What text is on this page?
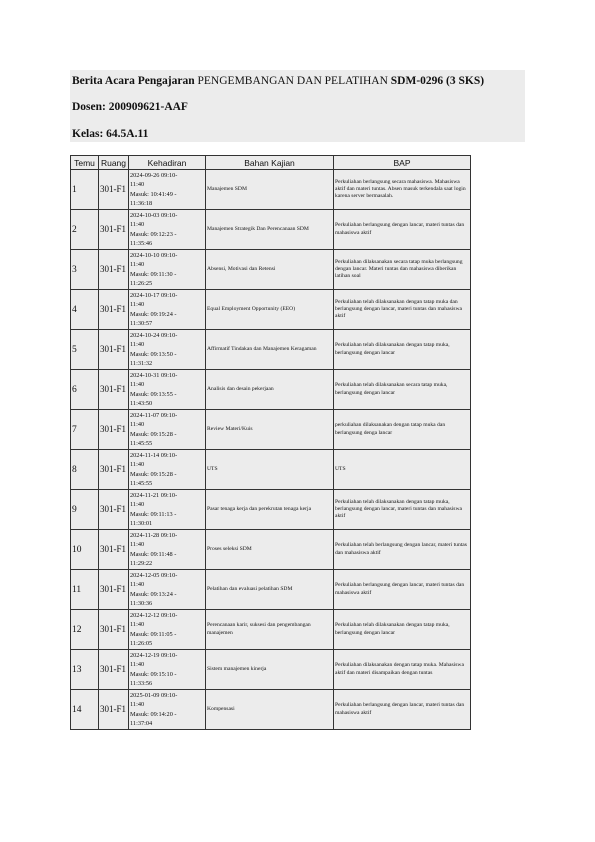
Berita Acara Pengajaran PENGEMBANGAN DAN PELATIHAN SDM-0296 (3 SKS)
Dosen: 200909621-AAF
Kelas: 64.5A.11
Temu	Ruang	Kehadiran	Bahan Kajian	BAP
1	301-F1	2024-09-26 09:10-
11:40
Masuk: 10:41:49 -
11:36:18	Manajemen SDM	Perkuliahan berlangsung secara mahasiswa. Mahasiswa aktif dan materi tuntas. Absen masuk terkendala saat login karena server bermasalah.
2	301-F1	2024-10-03 09:10-
11:40
Masuk: 09:12:23 -
11:35:46	Manajemen Strategik Dan Perencanaan SDM	Perkuliahan berlangsung dengan lancar, materi tuntas dan mahasiswa aktif
3	301-F1	2024-10-10 09:10-
11:40
Masuk: 09:11:30 -
11:26:25	Absensi, Motivasi dan Retensi	Perkuliahan dilaksanakan secara tatap muka berlangsung dengan lancar. Materi tuntas dan mahasiswa diberikan latihan soal
4	301-F1	2024-10-17 09:10-
11:40
Masuk: 09:19:24 -
11:30:57	Equal Employment Opportunity (EEO)	Perkuliahan telah dilaksanakan dengan tatap muka dan berlangsung dengan lancar, materi tuntas dan mahasiswa aktif
5	301-F1	2024-10-24 09:10-
11:40
Masuk: 09:13:50 -
11:31:32	Affirmatif Tindakan dan Manajemen Keragaman	Perkuliahan telah dilaksanakan dengan tatap muka, berlangsung dengan lancar
6	301-F1	2024-10-31 09:10-
11:40
Masuk: 09:13:55 -
11:43:50	Analisis dan desain pekerjaan	Perkuliahan telah dilaksanakan secara tatap muka, berlangsung dengan lancar
7	301-F1	2024-11-07 09:10-
11:40
Masuk: 09:15:28 -
11:45:55	Review Materi/Kuis	perkuliahan dilaksanakan dengan tatap muka dan berlangsung denga lancar
8	301-F1	2024-11-14 09:10-
11:40
Masuk: 09:15:28 -
11:45:55	UTS	UTS
9	301-F1	2024-11-21 09:10-
11:40
Masuk: 09:11:13 -
11:30:01	Pasar tenaga kerja dan perekrutan tenaga kerja	Perkuliahan telah dilaksanakan dengan tatap muka, berlangsung dengan lancar, materi tuntas dan mahasiswa aktif
10	301-F1	2024-11-28 09:10-
11:40
Masuk: 09:11:48 -
11:29:22	Proses seleksi SDM	Perkuliahan telah berlangsung dengan lancar, materi tuntas dan mahasiswa aktif
11	301-F1	2024-12-05 09:10-
11:40
Masuk: 09:13:24 -
11:30:36	Pelatihan dan evaluasi pelatihan SDM	Perkuliahan berlangsung dengan lancar, materi tuntas dan mahasiswa aktif
12	301-F1	2024-12-12 09:10-
11:40
Masuk: 09:11:05 -
11:26:05	Perencanaan karir, suksesi dan pengembangan manajemen	Perkuliahan telah dilaksanakan dengan tatap muka, berlangsung dengan lancar
13	301-F1	2024-12-19 09:10-
11:40
Masuk: 09:15:10 -
11:33:56	Sistem manajemen kinerja	Perkuliahan dilaksanakan dengan tatap muka. Mahasiswa aktif dan materi disampaikan dengan tuntas
14	301-F1	2025-01-09 09:10-
11:40
Masuk: 09:14:20 -
11:37:04	Kompensasi	Perkuliahan berlangsung dengan lancar, materi tuntas dan mahasiswa aktif
